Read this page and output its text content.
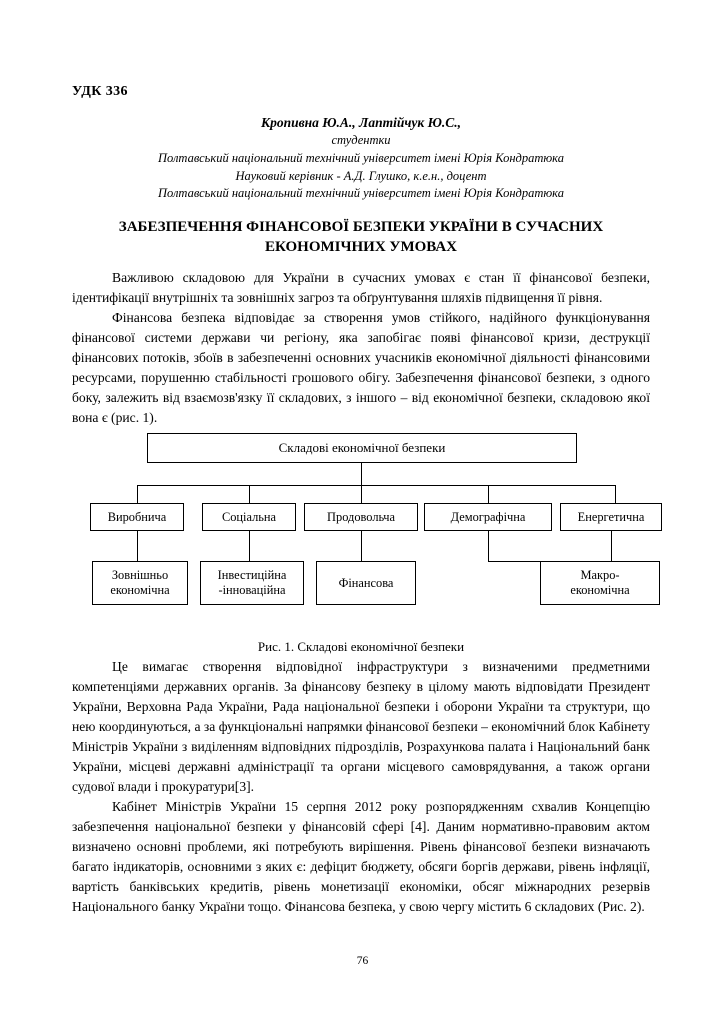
УДК 336
Кропивна Ю.А., Лаптійчук Ю.С.,
студентки
Полтавський національний технічний університет імені Юрія Кондратюка
Науковий керівник - А.Д. Глушко, к.е.н., доцент
Полтавський національний технічний університет імені Юрія Кондратюка
ЗАБЕЗПЕЧЕННЯ ФІНАНСОВОЇ БЕЗПЕКИ УКРАЇНИ В СУЧАСНИХ ЕКОНОМІЧНИХ УМОВАХ

Важливою складовою для України в сучасних умовах є стан її фінансової безпеки, ідентифікації внутрішніх та зовнішніх загроз та обґрунтування шляхів підвищення її рівня.

Фінансова безпека відповідає за створення умов стійкого, надійного функціонування фінансової системи держави чи регіону, яка запобігає появі фінансової кризи, деструкції фінансових потоків, збоїв в забезпеченні основних учасників економічної діяльності фінансовими ресурсами, порушенню стабільності грошового обігу. Забезпечення фінансової безпеки, з одного боку, залежить від взаємозв'язку її складових, з іншого – від економічної безпеки, складовою якої вона є (рис. 1).

Складові економічної безпеки
Виробнича	Соціальна	Продовольча	Демографічна	Енергетична
Зовнішньо
економічна
Інвестиційна
-інноваційна
Фінансова
Макро-
економічна
Рис. 1. Складові економічної безпеки

Це вимагає створення відповідної інфраструктури з визначеними предметними компетенціями державних органів. За фінансову безпеку в цілому мають відповідати Президент України, Верховна Рада України, Рада національної безпеки і оборони України та структури, що нею координуються, а за функціональні напрямки фінансової безпеки – економічний блок Кабінету Міністрів України з виділенням відповідних підрозділів, Розрахункова палата і Національний банк України, місцеві державні адміністрації та органи місцевого самоврядування, а також органи судової влади і прокуратури[3].

Кабінет Міністрів України 15 серпня 2012 року розпорядженням схвалив Концепцію забезпечення національної безпеки у фінансовій сфері [4]. Даним нормативно-правовим актом визначено основні проблеми, які потребують вирішення. Рівень фінансової безпеки визначають багато індикаторів, основними з яких є: дефіцит бюджету, обсяги боргів держави, рівень інфляції, вартість банківських кредитів, рівень монетизації економіки, обсяг міжнародних резервів Національного банку України тощо. Фінансова безпека, у свою чергу містить 6 складових (Рис. 2).

76
